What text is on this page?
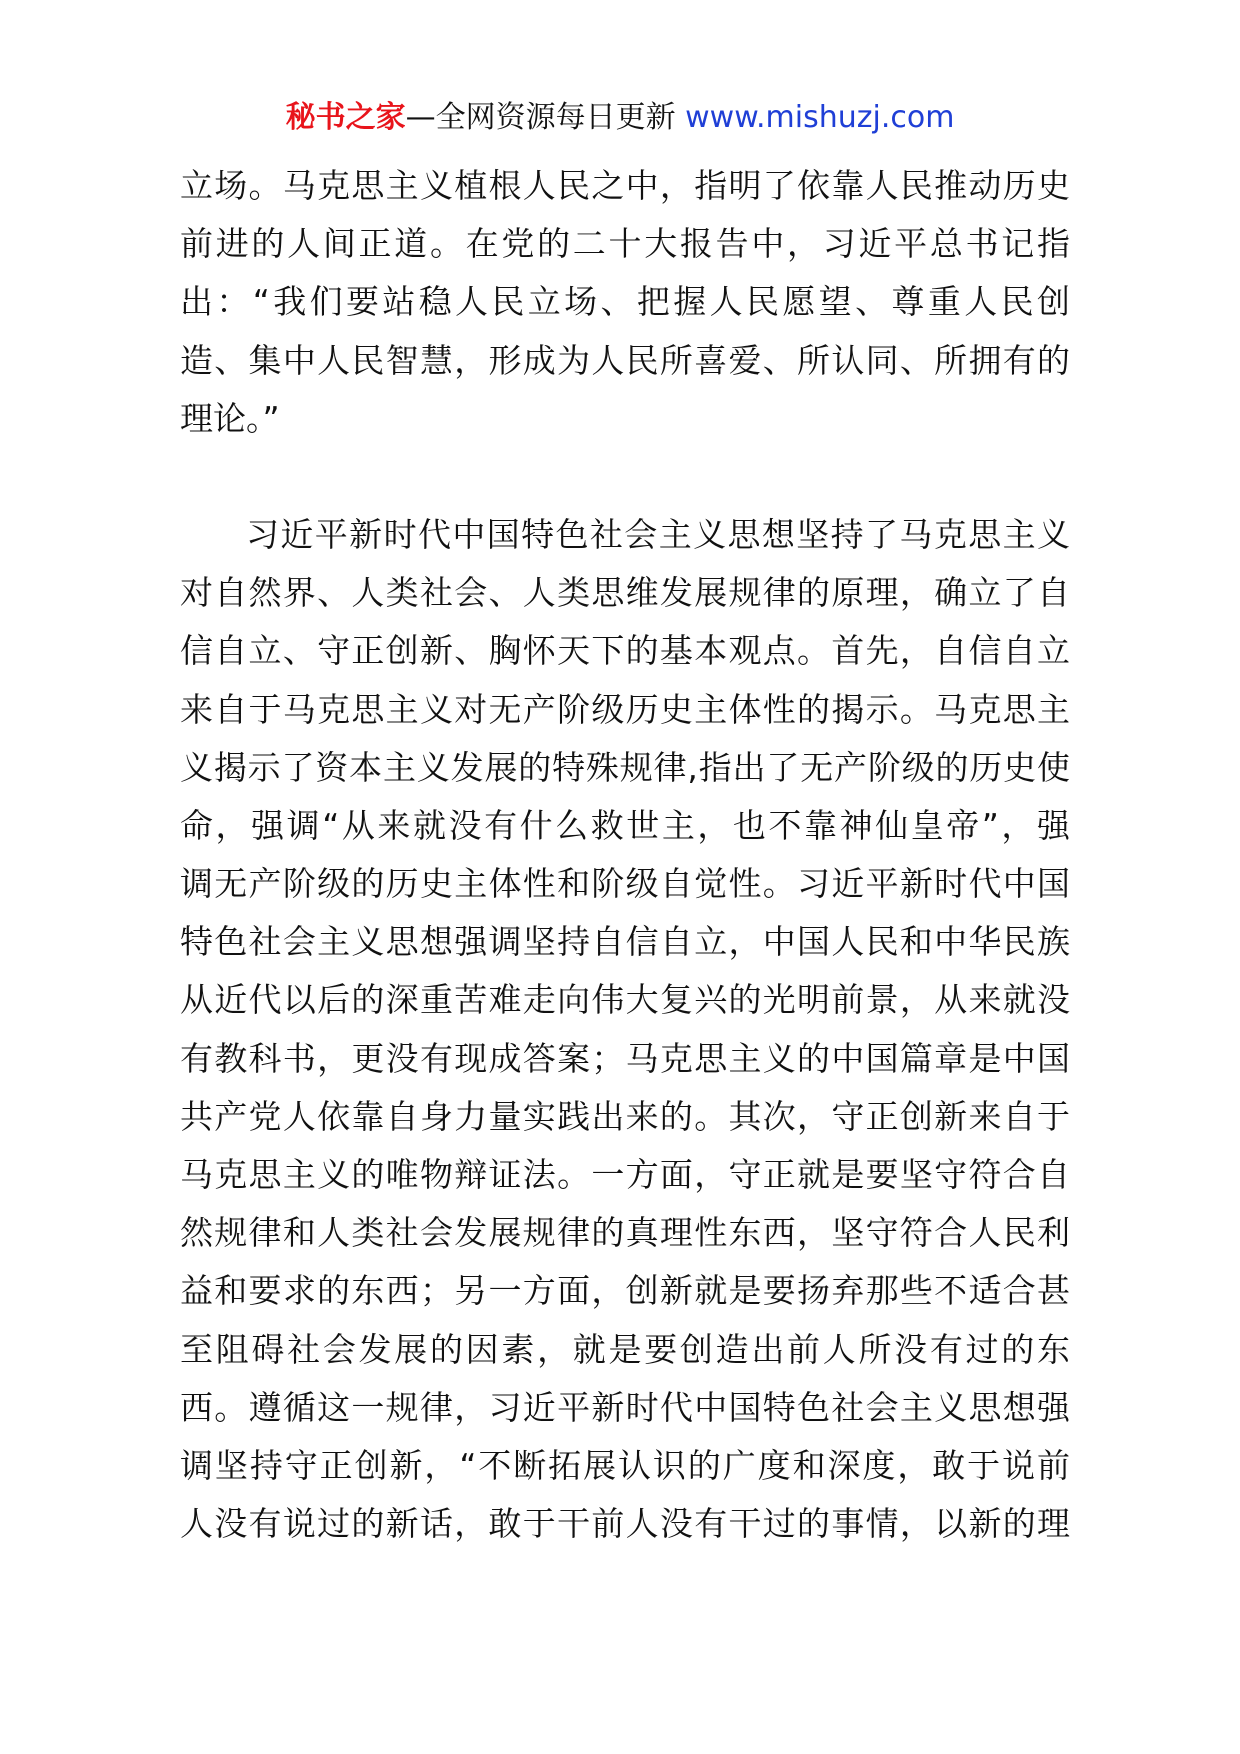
秘书之家—全网资源每日更新 www.mishuzj.com
立场。马克思主义植根人民之中，指明了依靠人民推动历史
前进的人间正道。在党的二十大报告中，习近平总书记指
出：“我们要站稳人民立场、把握人民愿望、尊重人民创
造、集中人民智慧，形成为人民所喜爱、所认同、所拥有的
理论。”
习近平新时代中国特色社会主义思想坚持了马克思主义
对自然界、人类社会、人类思维发展规律的原理，确立了自
信自立、守正创新、胸怀天下的基本观点。首先，自信自立
来自于马克思主义对无产阶级历史主体性的揭示。马克思主
义揭示了资本主义发展的特殊规律,指出了无产阶级的历史使
命，强调“从来就没有什么救世主，也不靠神仙皇帝”，强
调无产阶级的历史主体性和阶级自觉性。习近平新时代中国
特色社会主义思想强调坚持自信自立，中国人民和中华民族
从近代以后的深重苦难走向伟大复兴的光明前景，从来就没
有教科书，更没有现成答案；马克思主义的中国篇章是中国
共产党人依靠自身力量实践出来的。其次，守正创新来自于
马克思主义的唯物辩证法。一方面，守正就是要坚守符合自
然规律和人类社会发展规律的真理性东西，坚守符合人民利
益和要求的东西；另一方面，创新就是要扬弃那些不适合甚
至阻碍社会发展的因素，就是要创造出前人所没有过的东
西。遵循这一规律，习近平新时代中国特色社会主义思想强
调坚持守正创新，“不断拓展认识的广度和深度，敢于说前
人没有说过的新话，敢于干前人没有干过的事情，以新的理
